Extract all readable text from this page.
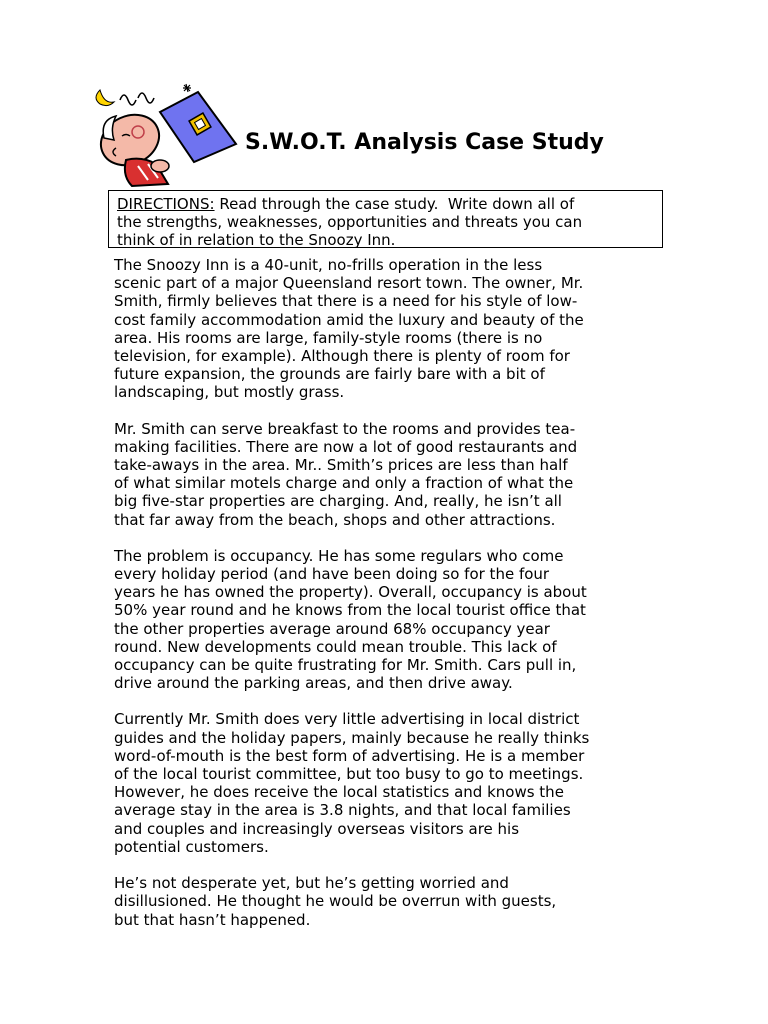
S.W.O.T. Analysis Case Study
DIRECTIONS: Read through the case study.  Write down all of
the strengths, weaknesses, opportunities and threats you can
think of in relation to the Snoozy Inn.

The Snoozy Inn is a 40-unit, no-frills operation in the less
scenic part of a major Queensland resort town. The owner, Mr.
Smith, firmly believes that there is a need for his style of low-
cost family accommodation amid the luxury and beauty of the
area. His rooms are large, family-style rooms (there is no
television, for example). Although there is plenty of room for
future expansion, the grounds are fairly bare with a bit of
landscaping, but mostly grass.

Mr. Smith can serve breakfast to the rooms and provides tea-
making facilities. There are now a lot of good restaurants and
take-aways in the area. Mr.. Smith’s prices are less than half
of what similar motels charge and only a fraction of what the
big five-star properties are charging. And, really, he isn’t all
that far away from the beach, shops and other attractions.

The problem is occupancy. He has some regulars who come
every holiday period (and have been doing so for the four
years he has owned the property). Overall, occupancy is about
50% year round and he knows from the local tourist office that
the other properties average around 68% occupancy year
round. New developments could mean trouble. This lack of
occupancy can be quite frustrating for Mr. Smith. Cars pull in,
drive around the parking areas, and then drive away.

Currently Mr. Smith does very little advertising in local district
guides and the holiday papers, mainly because he really thinks
word-of-mouth is the best form of advertising. He is a member
of the local tourist committee, but too busy to go to meetings.
However, he does receive the local statistics and knows the
average stay in the area is 3.8 nights, and that local families
and couples and increasingly overseas visitors are his
potential customers.

He’s not desperate yet, but he’s getting worried and
disillusioned. He thought he would be overrun with guests,
but that hasn’t happened.
